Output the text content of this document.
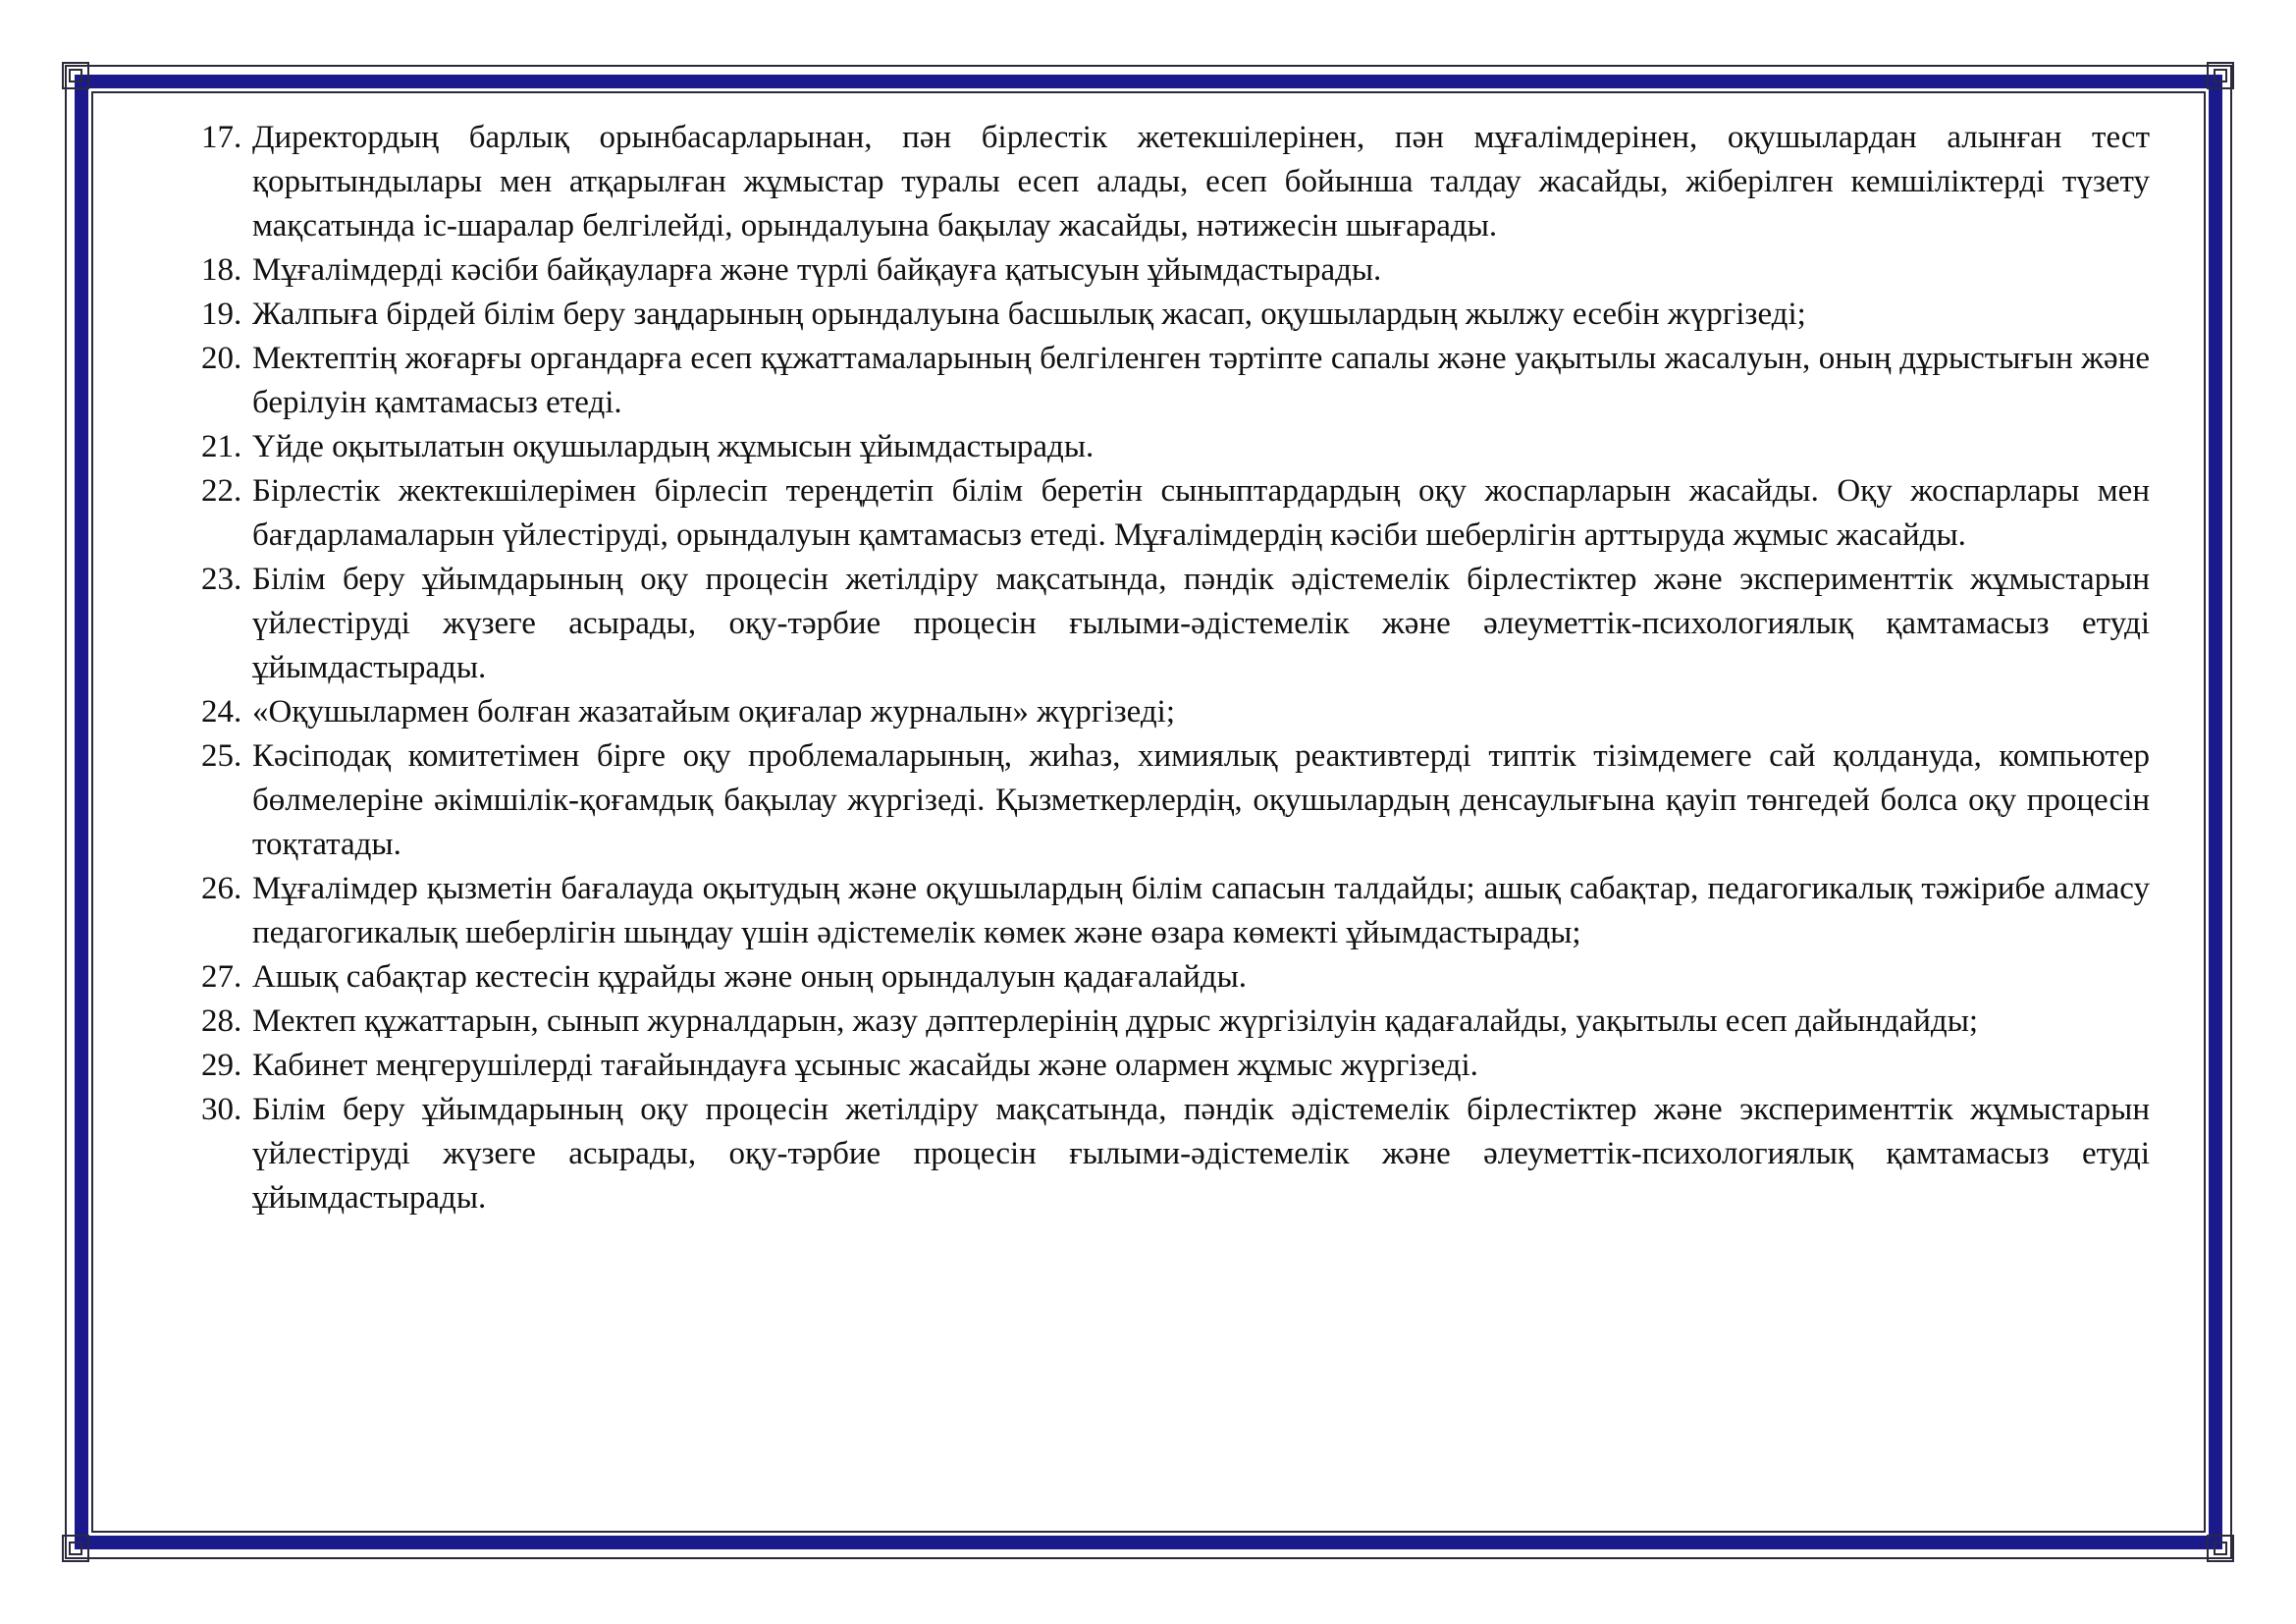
17. Директордың барлық орынбасарларынан, пән бірлестік жетекшілерінен, пән мұғалімдерінен, оқушылардан алынған тест қорытындылары мен атқарылған жұмыстар туралы есеп алады, есеп бойынша талдау жасайды, жіберілген кемшіліктерді түзету мақсатында іс-шаралар белгілейді, орындалуына бақылау жасайды, нәтижесін шығарады.
18. Мұғалімдерді кәсіби байқауларға және түрлі байқауға қатысуын ұйымдастырады.
19. Жалпыға бірдей білім беру заңдарының орындалуына басшылық жасап, оқушылардың жылжу есебін жүргізеді;
20. Мектептің жоғарғы органдарға есеп құжаттамаларының белгіленген тәртіпте сапалы және уақытылы жасалуын, оның дұрыстығын және берілуін қамтамасыз етеді.
21. Үйде оқытылатын оқушылардың жұмысын ұйымдастырады.
22. Бірлестік жектекшілерімен бірлесіп тереңдетіп білім беретін сыныптардардың оқу жоспарларын жасайды. Оқу жоспарлары мен бағдарламаларын үйлестіруді, орындалуын қамтамасыз етеді. Мұғалімдердің кәсіби шеберлігін арттыруда жұмыс жасайды.
23. Білім беру ұйымдарының оқу процесін жетілдіру мақсатында, пәндік әдістемелік бірлестіктер және эксперименттік жұмыстарын үйлестіруді жүзеге асырады, оқу-тәрбие процесін ғылыми-әдістемелік және әлеуметтік-психологиялық қамтамасыз етуді ұйымдастырады.
24. «Оқушылармен болған жазатайым оқиғалар журналын» жүргізеді;
25. Кәсіподақ комитетімен бірге оқу проблемаларының, жиһаз, химиялық реактивтерді типтік тізімдемеге сай қолдануда, компьютер бөлмелеріне әкімшілік-қоғамдық бақылау жүргізеді. Қызметкерлердің, оқушылардың денсаулығына қауіп төнгедей болса оқу процесін тоқтатады.
26. Мұғалімдер қызметін бағалауда оқытудың және оқушылардың білім сапасын талдайды; ашық сабақтар, педагогикалық тәжірибе алмасу педагогикалық шеберлігін шыңдау үшін әдістемелік көмек және өзара көмекті ұйымдастырады;
27. Ашық сабақтар кестесін құрайды және оның орындалуын қадағалайды.
28. Мектеп құжаттарын, сынып журналдарын, жазу дәптерлерінің дұрыс жүргізілуін қадағалайды, уақытылы есеп дайындайды;
29. Кабинет меңгерушілерді тағайындауға ұсыныс жасайды және олармен жұмыс жүргізеді.
30. Білім беру ұйымдарының оқу процесін жетілдіру мақсатында, пәндік әдістемелік бірлестіктер және эксперименттік жұмыстарын үйлестіруді жүзеге асырады, оқу-тәрбие процесін ғылыми-әдістемелік және әлеуметтік-психологиялық қамтамасыз етуді ұйымдастырады.
